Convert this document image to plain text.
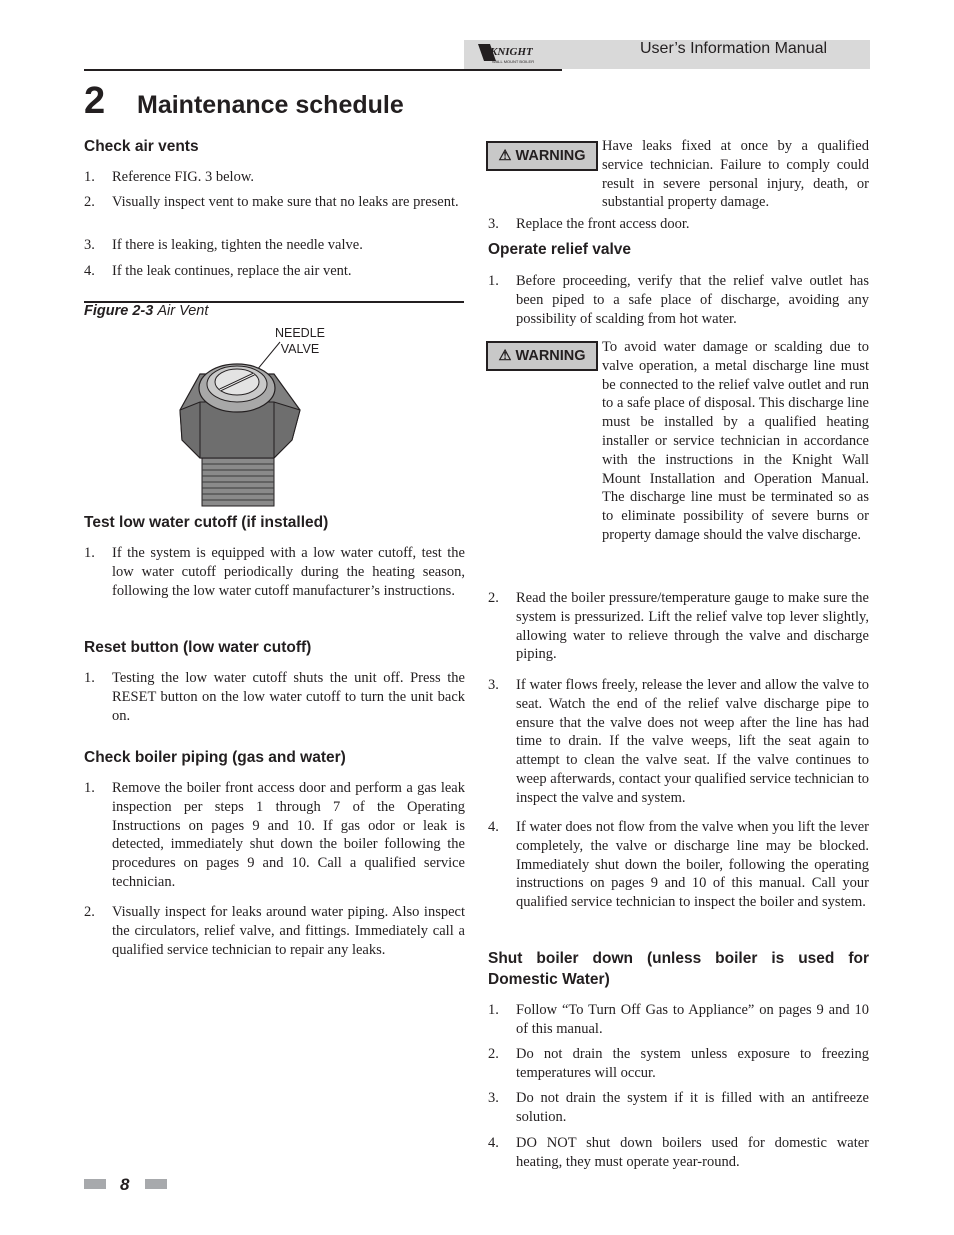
KNIGHT
WALL MOUNT BOILER
User’s Information Manual
2 Maintenance schedule
Check air vents
1. Reference FIG. 3 below.
2. Visually inspect vent to make sure that no leaks are present.
3. If there is leaking, tighten the needle valve.
4. If the leak continues, replace the air vent.
Figure 2-3 Air Vent
NEEDLE
VALVE
Test low water cutoff (if installed)
1. If the system is equipped with a low water cutoff, test the low water cutoff periodically during the heating season, following the low water cutoff manufacturer’s instructions.
Reset button (low water cutoff)
1. Testing the low water cutoff shuts the unit off. Press the RESET button on the low water cutoff to turn the unit back on.
Check boiler piping (gas and water)
1. Remove the boiler front access door and perform a gas leak inspection per steps 1 through 7 of the Operating Instructions on pages 9 and 10. If gas odor or leak is detected, immediately shut down the boiler following the procedures on pages 9 and 10. Call a qualified service technician.
2. Visually inspect for leaks around water piping. Also inspect the circulators, relief valve, and fittings. Immediately call a qualified service technician to repair any leaks.
⚠ WARNING
Have leaks fixed at once by a qualified service technician. Failure to comply could result in severe personal injury, death, or substantial property damage.
3. Replace the front access door.
Operate relief valve
1. Before proceeding, verify that the relief valve outlet has been piped to a safe place of discharge, avoiding any possibility of scalding from hot water.
⚠ WARNING
To avoid water damage or scalding due to valve operation, a metal discharge line must be connected to the relief valve outlet and run to a safe place of disposal. This discharge line must be installed by a qualified heating installer or service technician in accordance with the instructions in the Knight Wall Mount Installation and Operation Manual. The discharge line must be terminated so as to eliminate possibility of severe burns or property damage should the valve discharge.
2. Read the boiler pressure/temperature gauge to make sure the system is pressurized. Lift the relief valve top lever slightly, allowing water to relieve through the valve and discharge piping.
3. If water flows freely, release the lever and allow the valve to seat. Watch the end of the relief valve discharge pipe to ensure that the valve does not weep after the line has had time to drain. If the valve weeps, lift the seat again to attempt to clean the valve seat. If the valve continues to weep afterwards, contact your qualified service technician to inspect the valve and system.
4. If water does not flow from the valve when you lift the lever completely, the valve or discharge line may be blocked. Immediately shut down the boiler, following the operating instructions on pages 9 and 10 of this manual. Call your qualified service technician to inspect the boiler and system.
Shut boiler down (unless boiler is used for Domestic Water)
1. Follow “To Turn Off Gas to Appliance” on pages 9 and 10 of this manual.
2. Do not drain the system unless exposure to freezing temperatures will occur.
3. Do not drain the system if it is filled with an antifreeze solution.
4. DO NOT shut down boilers used for domestic water heating, they must operate year-round.
8
